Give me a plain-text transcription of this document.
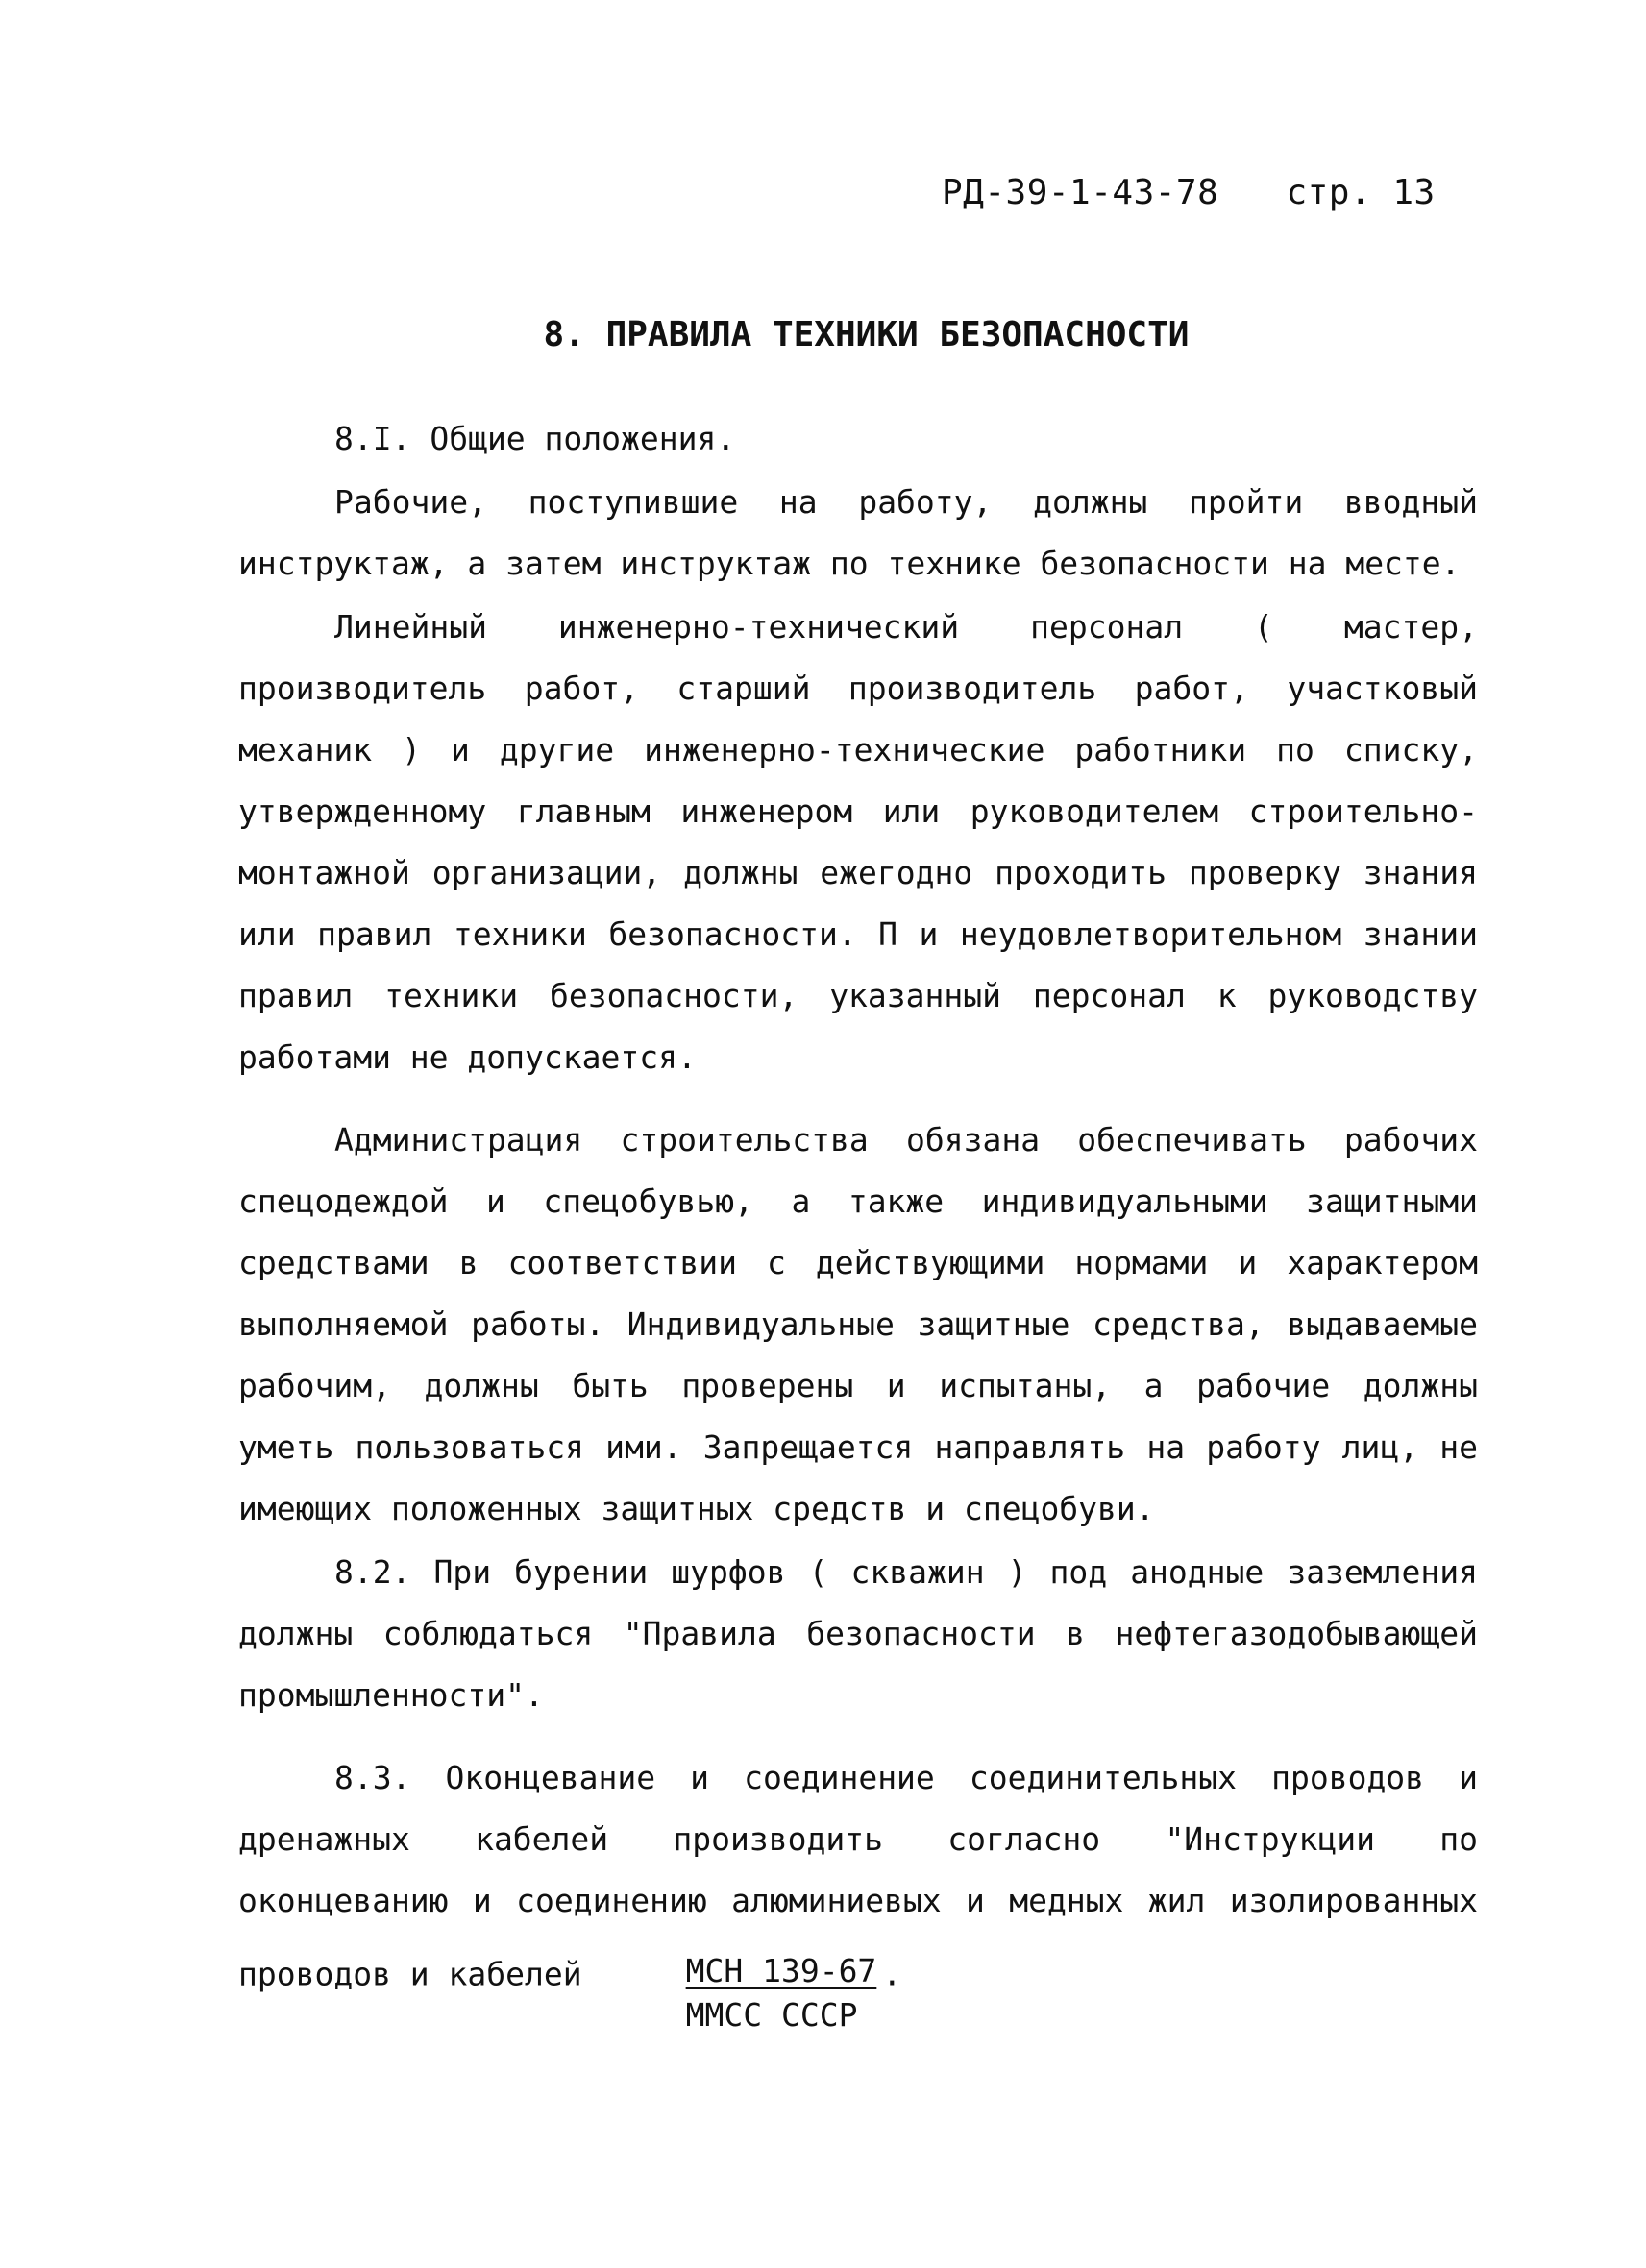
РД-39-1-43-78 стр. 13
8. ПРАВИЛА ТЕХНИКИ БЕЗОПАСНОСТИ

8.I. Общие положения.

Рабочие, поступившие на работу, должны пройти вводный инструктаж, а затем инструктаж по технике безопасности на месте.

Линейный инженерно-технический персонал ( мастер, производитель работ, старший производитель работ, участковый механик ) и другие инженерно-технические работники по списку, утвержденному главным инженером или руководителем строительно-монтажной организации, должны ежегодно проходить проверку знания или правил техники безопасности. П и неудовлетворительном знании правил техники безопасности, указанный персонал к руководству работами не допускается.

Администрация строительства обязана обеспечивать рабочих спецодеждой и спецобувью, а также индивидуальными защитными средствами в соответствии с действующими нормами и характером выполняемой работы. Индивидуальные защитные средства, выдаваемые рабочим, должны быть проверены и испытаны, а рабочие должны уметь пользоваться ими. Запрещается направлять на работу лиц, не имеющих положенных защитных средств и спецобуви.

8.2. При бурении шурфов ( скважин ) под анодные заземления должны соблюдаться "Правила безопасности в нефтегазодобывающей промышленности".

8.3. Оконцевание и соединение соединительных проводов и дренажных кабелей производить согласно "Инструкции по оконцеванию и соединению алюминиевых и медных жил изолированных проводов и кабелей $\frac{\text{МСН 139-67}}{\text{ММСС СССР}}$ .
